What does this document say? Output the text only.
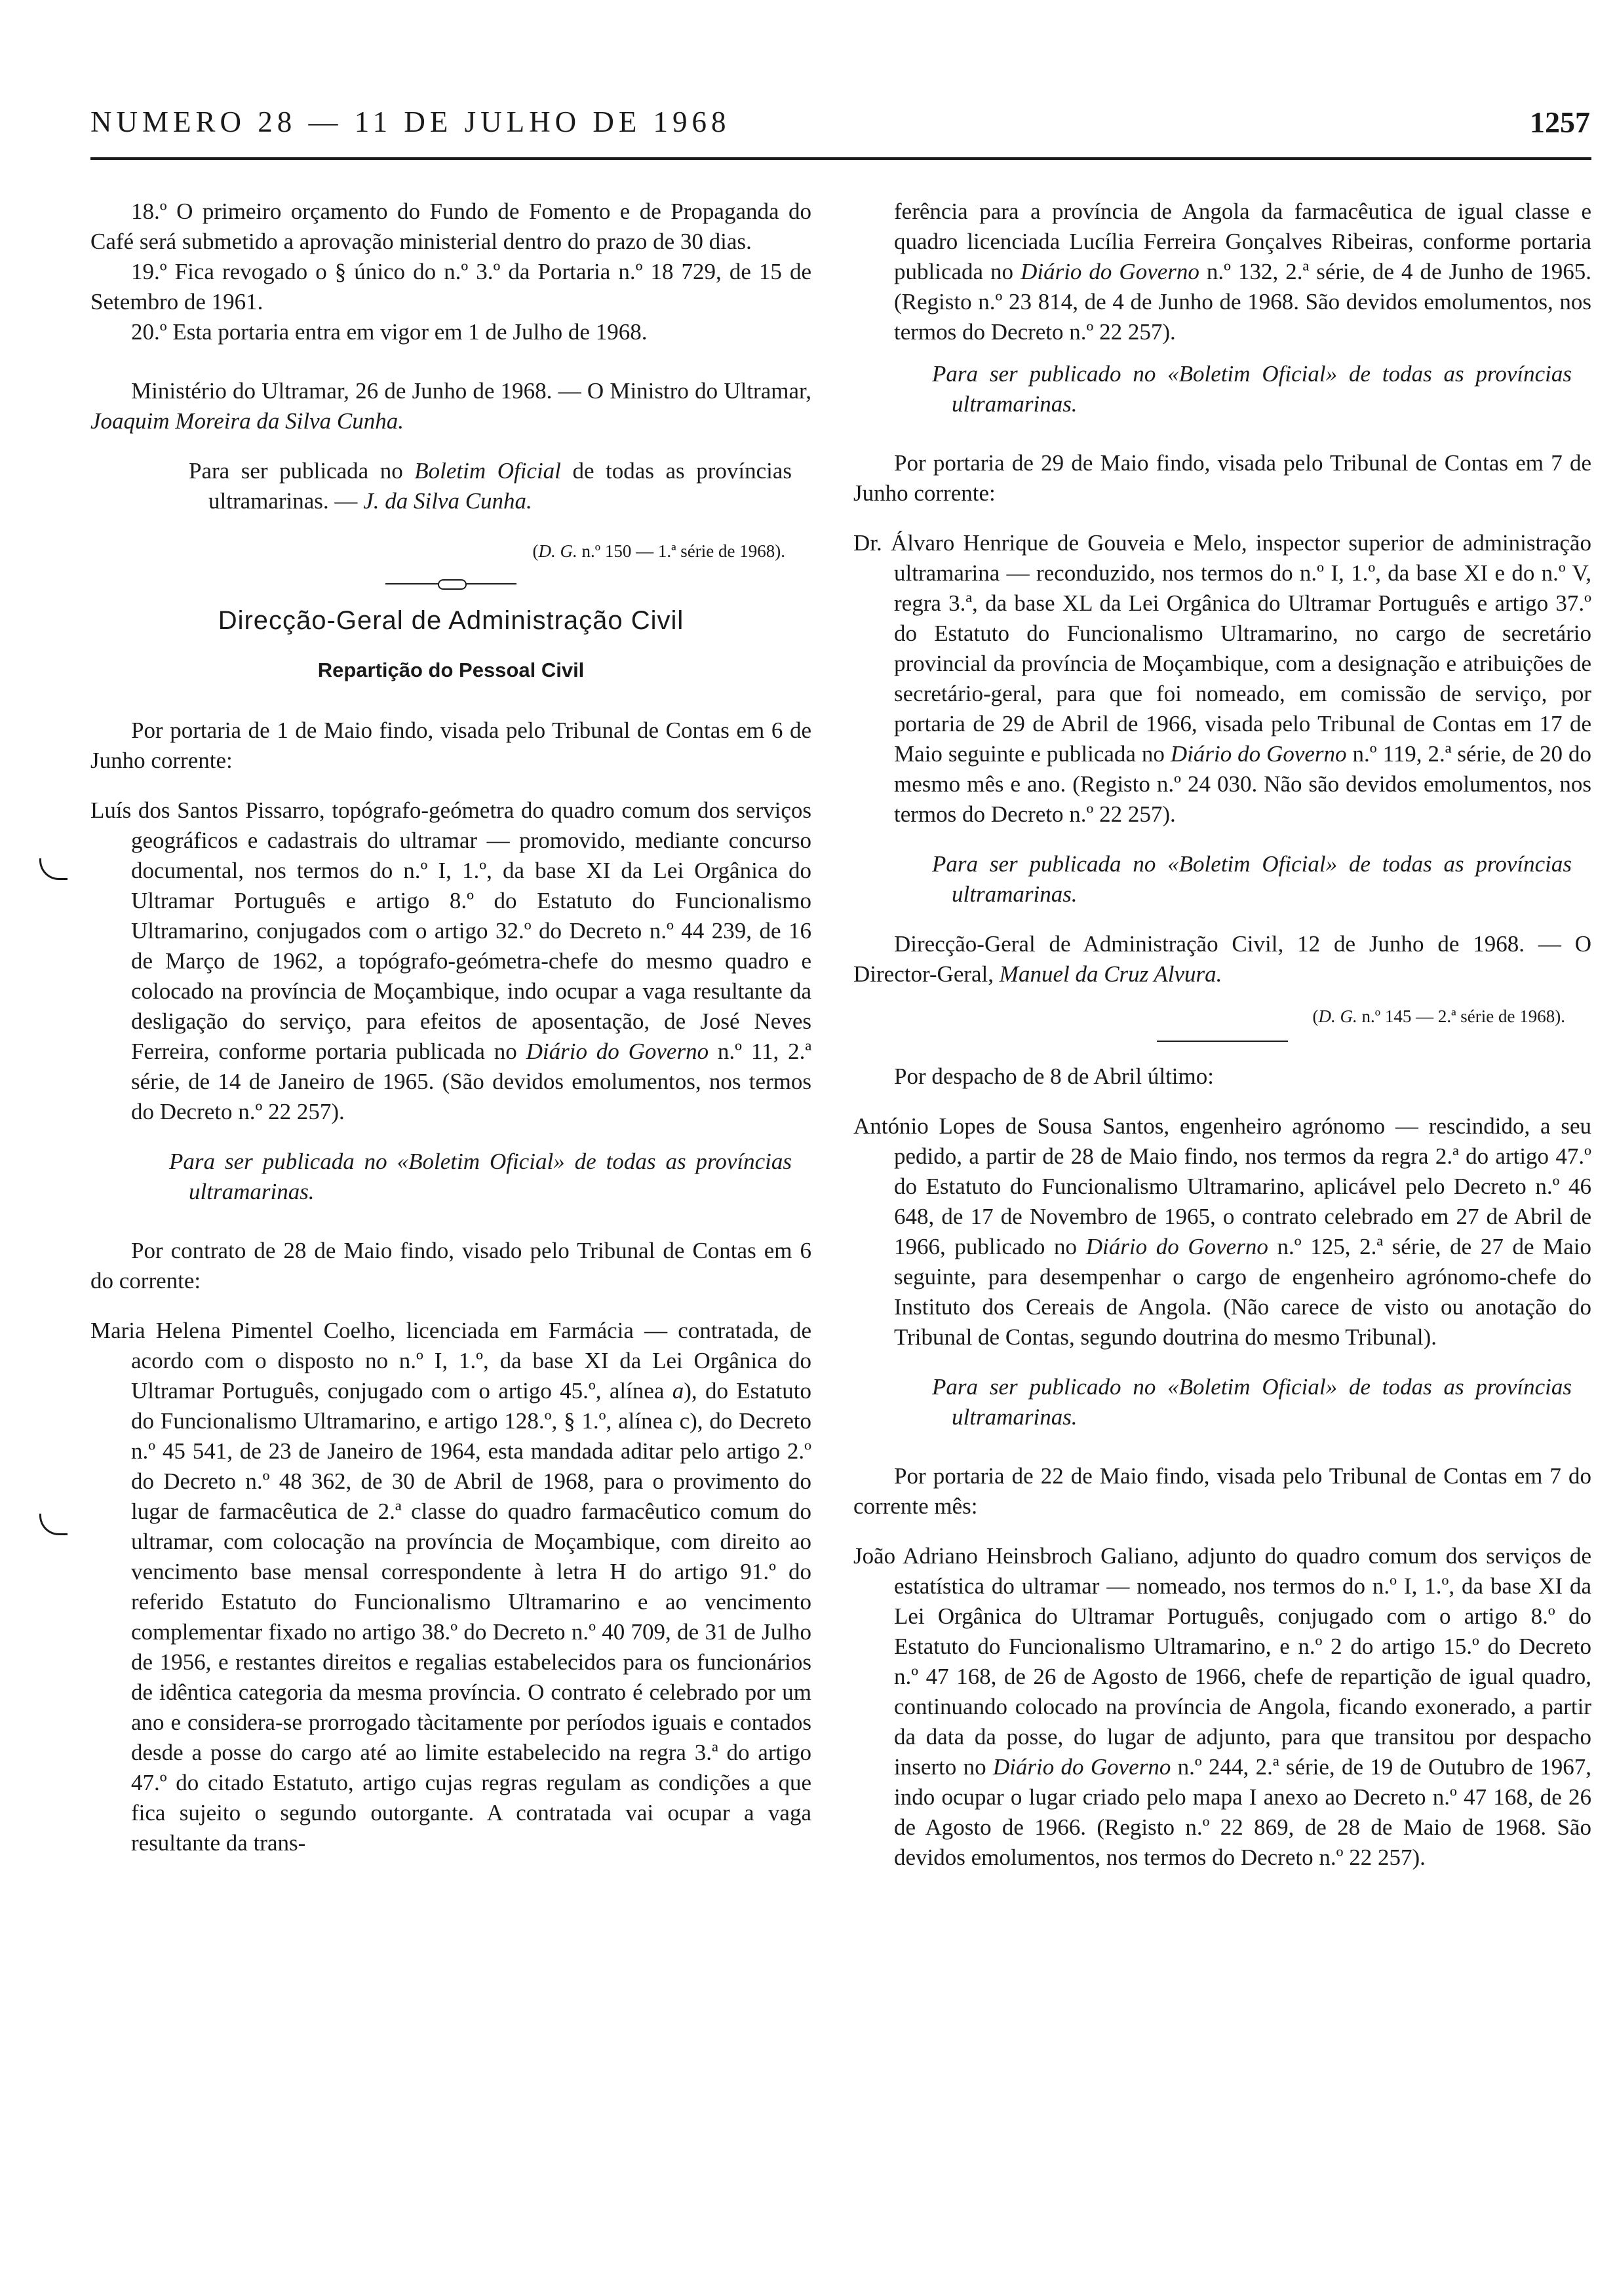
NUMERO 28 — 11 DE JULHO DE 1968	1257

18.º O primeiro orçamento do Fundo de Fomento e de Propaganda do Café será submetido a aprovação ministerial dentro do prazo de 30 dias.

19.º Fica revogado o § único do n.º 3.º da Portaria n.º 18 729, de 15 de Setembro de 1961.

20.º Esta portaria entra em vigor em 1 de Julho de 1968.

Ministério do Ultramar, 26 de Junho de 1968. — O Ministro do Ultramar, Joaquim Moreira da Silva Cunha.

Para ser publicada no Boletim Oficial de todas as províncias ultramarinas. — J. da Silva Cunha.

(D. G. n.º 150 — 1.ª série de 1968).

Direcção-Geral de Administração Civil
Repartição do Pessoal Civil

Por portaria de 1 de Maio findo, visada pelo Tribunal de Contas em 6 de Junho corrente:

Luís dos Santos Pissarro, topógrafo-geómetra do quadro comum dos serviços geográficos e cadastrais do ultramar — promovido, mediante concurso documental, nos termos do n.º I, 1.º, da base XI da Lei Orgânica do Ultramar Português e artigo 8.º do Estatuto do Funcionalismo Ultramarino, conjugados com o artigo 32.º do Decreto n.º 44 239, de 16 de Março de 1962, a topógrafo-geómetra-chefe do mesmo quadro e colocado na província de Moçambique, indo ocupar a vaga resultante da desligação do serviço, para efeitos de aposentação, de José Neves Ferreira, conforme portaria publicada no Diário do Governo n.º 11, 2.ª série, de 14 de Janeiro de 1965. (São devidos emolumentos, nos termos do Decreto n.º 22 257).

Para ser publicada no «Boletim Oficial» de todas as províncias ultramarinas.

Por contrato de 28 de Maio findo, visado pelo Tribunal de Contas em 6 do corrente:

Maria Helena Pimentel Coelho, licenciada em Farmácia — contratada, de acordo com o disposto no n.º I, 1.º, da base XI da Lei Orgânica do Ultramar Português, conjugado com o artigo 45.º, alínea a), do Estatuto do Funcionalismo Ultramarino, e artigo 128.º, § 1.º, alínea c), do Decreto n.º 45 541, de 23 de Janeiro de 1964, esta mandada aditar pelo artigo 2.º do Decreto n.º 48 362, de 30 de Abril de 1968, para o provimento do lugar de farmacêutica de 2.ª classe do quadro farmacêutico comum do ultramar, com colocação na província de Moçambique, com direito ao vencimento base mensal correspondente à letra H do artigo 91.º do referido Estatuto do Funcionalismo Ultramarino e ao vencimento complementar fixado no artigo 38.º do Decreto n.º 40 709, de 31 de Julho de 1956, e restantes direitos e regalias estabelecidos para os funcionários de idêntica categoria da mesma província. O contrato é celebrado por um ano e considera-se prorrogado tàcitamente por períodos iguais e contados desde a posse do cargo até ao limite estabelecido na regra 3.ª do artigo 47.º do citado Estatuto, artigo cujas regras regulam as condições a que fica sujeito o segundo outorgante. A contratada vai ocupar a vaga resultante da trans-

ferência para a província de Angola da farmacêutica de igual classe e quadro licenciada Lucília Ferreira Gonçalves Ribeiras, conforme portaria publicada no Diário do Governo n.º 132, 2.ª série, de 4 de Junho de 1965. (Registo n.º 23 814, de 4 de Junho de 1968. São devidos emolumentos, nos termos do Decreto n.º 22 257).

Para ser publicado no «Boletim Oficial» de todas as províncias ultramarinas.

Por portaria de 29 de Maio findo, visada pelo Tribunal de Contas em 7 de Junho corrente:

Dr. Álvaro Henrique de Gouveia e Melo, inspector superior de administração ultramarina — reconduzido, nos termos do n.º I, 1.º, da base XI e do n.º V, regra 3.ª, da base XL da Lei Orgânica do Ultramar Português e artigo 37.º do Estatuto do Funcionalismo Ultramarino, no cargo de secretário provincial da província de Moçambique, com a designação e atribuições de secretário-geral, para que foi nomeado, em comissão de serviço, por portaria de 29 de Abril de 1966, visada pelo Tribunal de Contas em 17 de Maio seguinte e publicada no Diário do Governo n.º 119, 2.ª série, de 20 do mesmo mês e ano. (Registo n.º 24 030. Não são devidos emolumentos, nos termos do Decreto n.º 22 257).

Para ser publicada no «Boletim Oficial» de todas as províncias ultramarinas.

Direcção-Geral de Administração Civil, 12 de Junho de 1968. — O Director-Geral, Manuel da Cruz Alvura.

(D. G. n.º 145 — 2.ª série de 1968).

Por despacho de 8 de Abril último:

António Lopes de Sousa Santos, engenheiro agrónomo — rescindido, a seu pedido, a partir de 28 de Maio findo, nos termos da regra 2.ª do artigo 47.º do Estatuto do Funcionalismo Ultramarino, aplicável pelo Decreto n.º 46 648, de 17 de Novembro de 1965, o contrato celebrado em 27 de Abril de 1966, publicado no Diário do Governo n.º 125, 2.ª série, de 27 de Maio seguinte, para desempenhar o cargo de engenheiro agrónomo-chefe do Instituto dos Cereais de Angola. (Não carece de visto ou anotação do Tribunal de Contas, segundo doutrina do mesmo Tribunal).

Para ser publicado no «Boletim Oficial» de todas as províncias ultramarinas.

Por portaria de 22 de Maio findo, visada pelo Tribunal de Contas em 7 do corrente mês:

João Adriano Heinsbroch Galiano, adjunto do quadro comum dos serviços de estatística do ultramar — nomeado, nos termos do n.º I, 1.º, da base XI da Lei Orgânica do Ultramar Português, conjugado com o artigo 8.º do Estatuto do Funcionalismo Ultramarino, e n.º 2 do artigo 15.º do Decreto n.º 47 168, de 26 de Agosto de 1966, chefe de repartição de igual quadro, continuando colocado na província de Angola, ficando exonerado, a partir da data da posse, do lugar de adjunto, para que transitou por despacho inserto no Diário do Governo n.º 244, 2.ª série, de 19 de Outubro de 1967, indo ocupar o lugar criado pelo mapa I anexo ao Decreto n.º 47 168, de 26 de Agosto de 1966. (Registo n.º 22 869, de 28 de Maio de 1968. São devidos emolumentos, nos termos do Decreto n.º 22 257).
